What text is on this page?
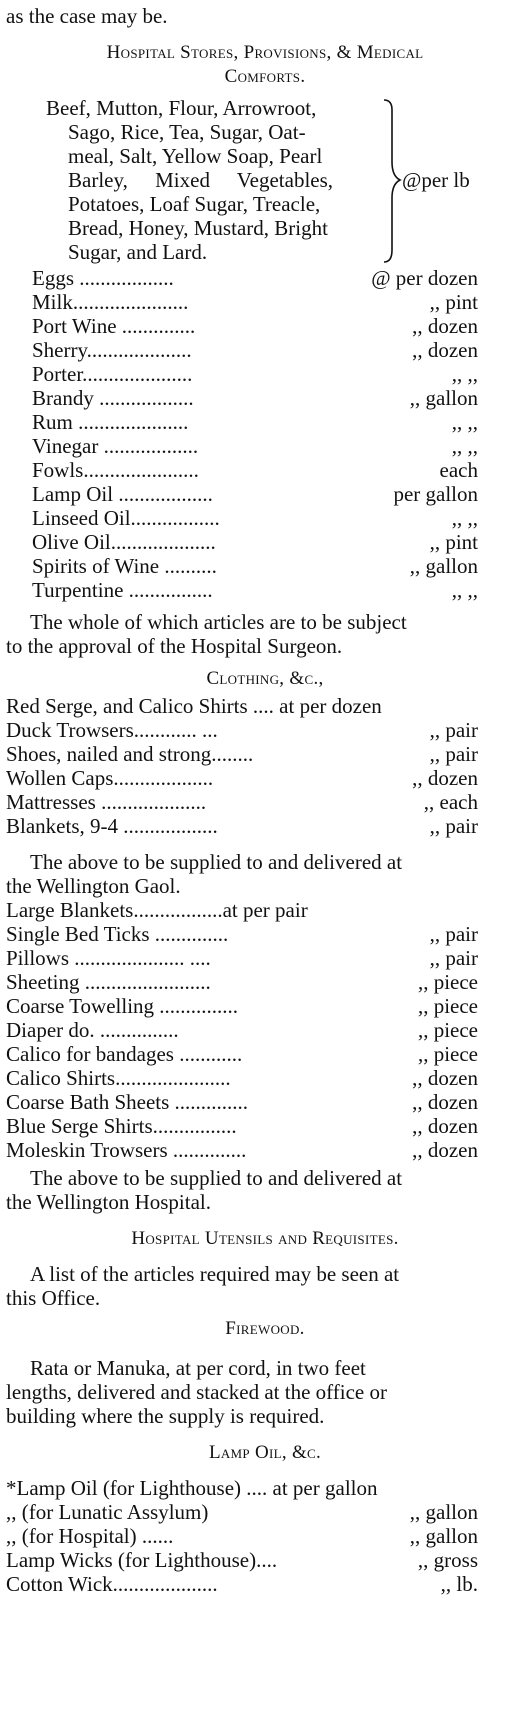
as the case may be.
Hospital Stores, Provisions, & Medical
Comforts.
Beef, Mutton, Flour, Arrowroot,
Sago, Rice, Tea, Sugar, Oat-
meal, Salt, Yellow Soap, Pearl
Barley, Mixed Vegetables,
Potatoes, Loaf Sugar, Treacle,
Bread, Honey, Mustard, Bright
Sugar, and Lard.
@per lb
Eggs ..................	@ per dozen
Milk......................	,, pint
Port Wine ..............	,, dozen
Sherry....................	,, dozen
Porter.....................	,, ,,
Brandy ..................	,, gallon
Rum .....................	,, ,,
Vinegar ..................	,, ,,
Fowls......................	each
Lamp Oil ..................	per gallon
Linseed Oil.................	,, ,,
Olive Oil....................	,, pint
Spirits of Wine ..........	,, gallon
Turpentine ................	,, ,,
The whole of which articles are to be subject
to the approval of the Hospital Surgeon.
Clothing, &c.,
Red Serge, and Calico Shirts .... at per dozen
Duck Trowsers............ ...	,, pair
Shoes, nailed and strong........	,, pair
Wollen Caps...................	,, dozen
Mattresses ....................	,, each
Blankets, 9-4 ..................	,, pair
The above to be supplied to and delivered at
the Wellington Gaol.
Large Blankets.................at per pair
Single Bed Ticks ..............	,, pair
Pillows ..................... ....	,, pair
Sheeting ........................	,, piece
Coarse Towelling ...............	,, piece
Diaper do. ...............	,, piece
Calico for bandages ............	,, piece
Calico Shirts......................	,, dozen
Coarse Bath Sheets ..............	,, dozen
Blue Serge Shirts................	,, dozen
Moleskin Trowsers ..............	,, dozen
The above to be supplied to and delivered at
the Wellington Hospital.
Hospital Utensils and Requisites.
A list of the articles required may be seen at
this Office.
Firewood.
Rata or Manuka, at per cord, in two feet
lengths, delivered and stacked at the office or
building where the supply is required.
Lamp Oil, &c.
*Lamp Oil (for Lighthouse) .... at per gallon
,, (for Lunatic Assylum)	,, gallon
,, (for Hospital) ......	,, gallon
Lamp Wicks (for Lighthouse)....	,, gross
Cotton Wick....................	,, lb.
